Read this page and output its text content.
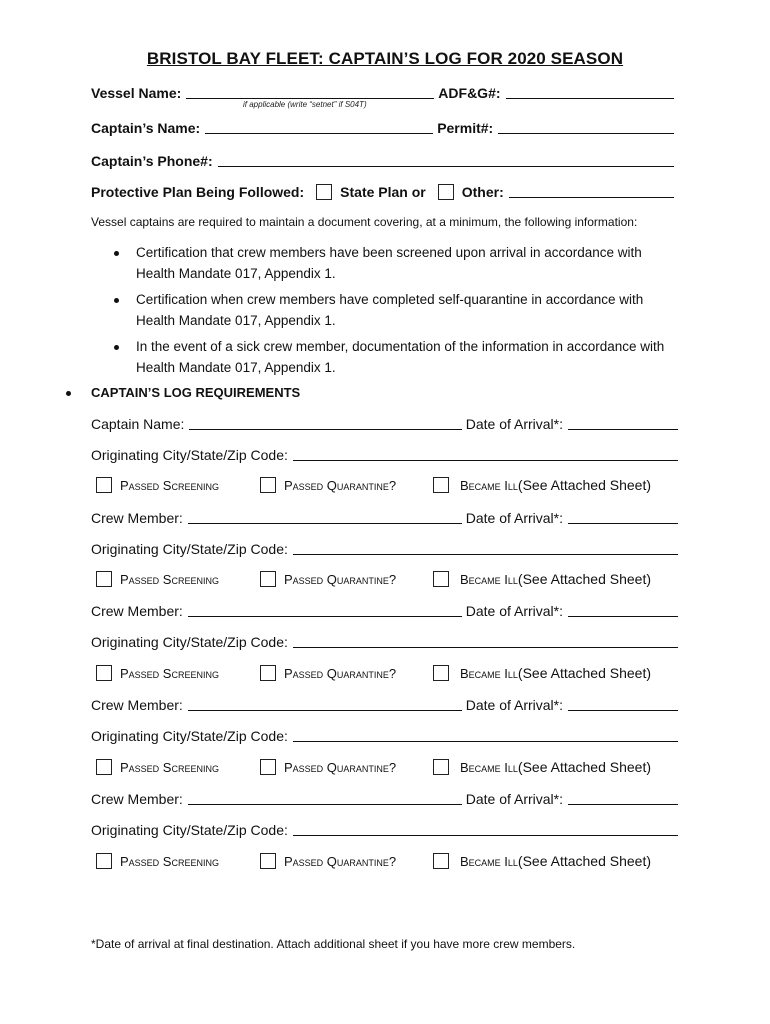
BRISTOL BAY FLEET: CAPTAIN’S LOG FOR 2020 SEASON
Vessel Name:	ADF&G#:
if applicable (write “setnet” if S04T)
Captain’s Name:	Permit#:
Captain’s Phone#:
Protective Plan Being Followed:	State Plan or	Other:
Vessel captains are required to maintain a document covering, at a minimum, the following information:
Certification that crew members have been screened upon arrival in accordance with Health Mandate 017, Appendix 1.
Certification when crew members have completed self-quarantine in accordance with Health Mandate 017, Appendix 1.
In the event of a sick crew member, documentation of the information in accordance with Health Mandate 017, Appendix 1.
CAPTAIN’S LOG REQUIREMENTS
Captain Name:	Date of Arrival*:
Originating City/State/Zip Code:
Passed Screening	Passed Quarantine?	Became Ill (See Attached Sheet)
Crew Member:	Date of Arrival*:
Originating City/State/Zip Code:
Passed Screening	Passed Quarantine?	Became Ill (See Attached Sheet)
Crew Member:	Date of Arrival*:
Originating City/State/Zip Code:
Passed Screening	Passed Quarantine?	Became Ill (See Attached Sheet)
Crew Member:	Date of Arrival*:
Originating City/State/Zip Code:
Passed Screening	Passed Quarantine?	Became Ill (See Attached Sheet)
Crew Member:	Date of Arrival*:
Originating City/State/Zip Code:
Passed Screening	Passed Quarantine?	Became Ill (See Attached Sheet)
*Date of arrival at final destination. Attach additional sheet if you have more crew members.
